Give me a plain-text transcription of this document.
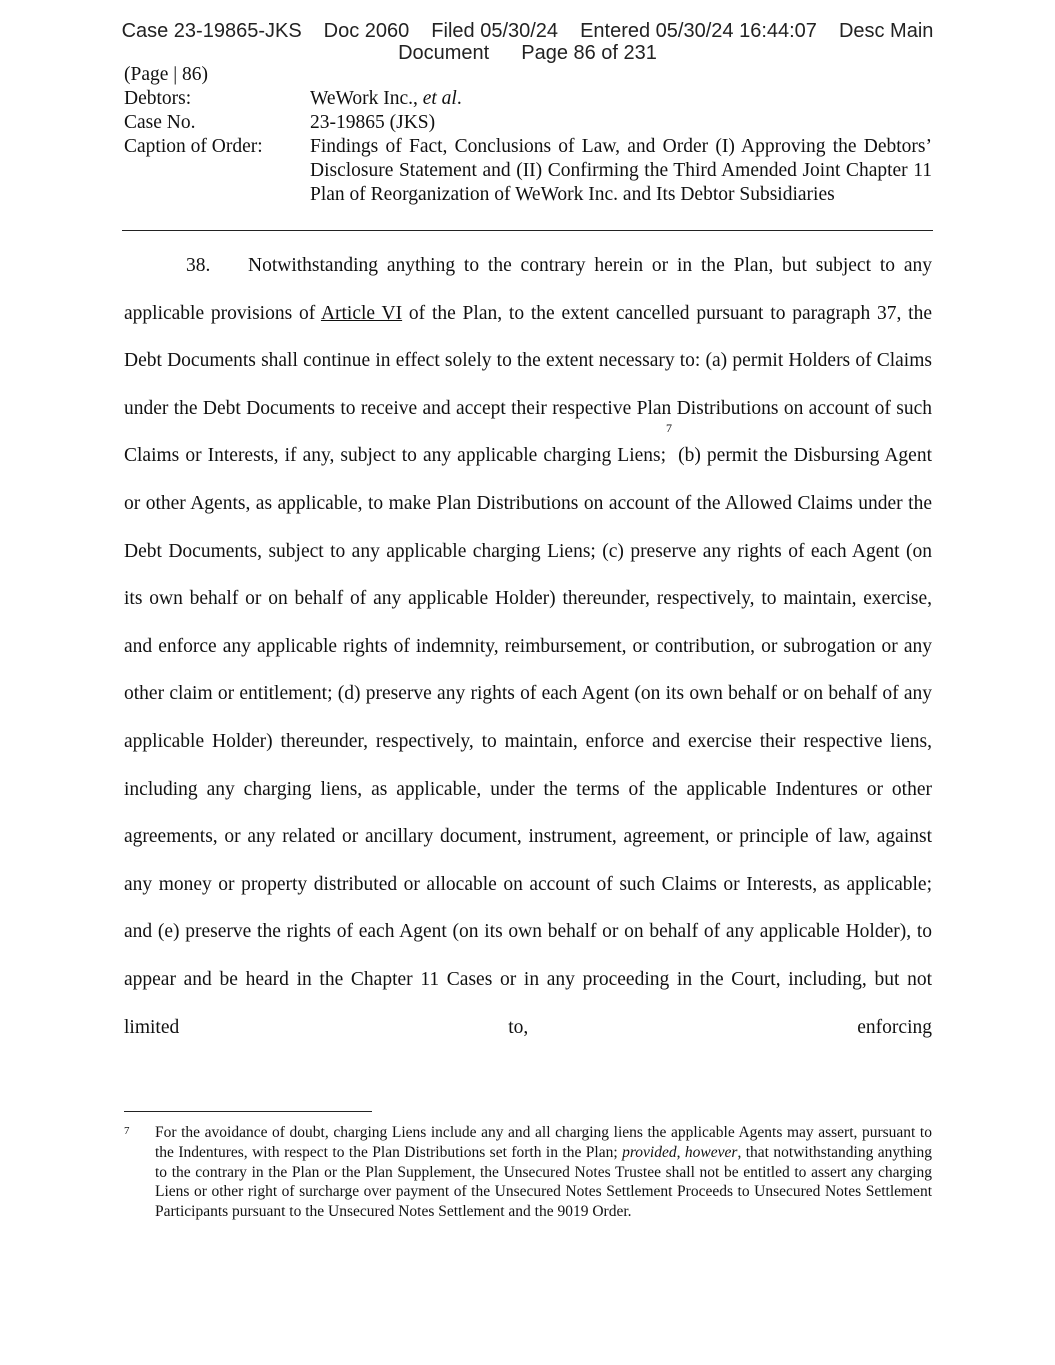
Case 23-19865-JKS Doc 2060 Filed 05/30/24 Entered 05/30/24 16:44:07 Desc Main
Document Page 86 of 231
(Page | 86)
Debtors:	WeWork Inc., et al.
Case No.	23-19865 (JKS)
Caption of Order:	Findings of Fact, Conclusions of Law, and Order (I) Approving the Debtors’ Disclosure Statement and (II) Confirming the Third Amended Joint Chapter 11 Plan of Reorganization of WeWork Inc. and Its Debtor Subsidiaries
38. Notwithstanding anything to the contrary herein or in the Plan, but subject to any applicable provisions of Article VI of the Plan, to the extent cancelled pursuant to paragraph 37, the Debt Documents shall continue in effect solely to the extent necessary to: (a) permit Holders of Claims under the Debt Documents to receive and accept their respective Plan Distributions on account of such Claims or Interests, if any, subject to any applicable charging Liens;$^7$ (b) permit the Disbursing Agent or other Agents, as applicable, to make Plan Distributions on account of the Allowed Claims under the Debt Documents, subject to any applicable charging Liens; (c) preserve any rights of each Agent (on its own behalf or on behalf of any applicable Holder) thereunder, respectively, to maintain, exercise, and enforce any applicable rights of indemnity, reimbursement, or contribution, or subrogation or any other claim or entitlement; (d) preserve any rights of each Agent (on its own behalf or on behalf of any applicable Holder) thereunder, respectively, to maintain, enforce and exercise their respective liens, including any charging liens, as applicable, under the terms of the applicable Indentures or other agreements, or any related or ancillary document, instrument, agreement, or principle of law, against any money or property distributed or allocable on account of such Claims or Interests, as applicable; and (e) preserve the rights of each Agent (on its own behalf or on behalf of any applicable Holder), to appear and be heard in the Chapter 11 Cases or in any proceeding in the Court, including, but not limited to, enforcing
7 For the avoidance of doubt, charging Liens include any and all charging liens the applicable Agents may assert, pursuant to the Indentures, with respect to the Plan Distributions set forth in the Plan; provided, however, that notwithstanding anything to the contrary in the Plan or the Plan Supplement, the Unsecured Notes Trustee shall not be entitled to assert any charging Liens or other right of surcharge over payment of the Unsecured Notes Settlement Proceeds to Unsecured Notes Settlement Participants pursuant to the Unsecured Notes Settlement and the 9019 Order.
